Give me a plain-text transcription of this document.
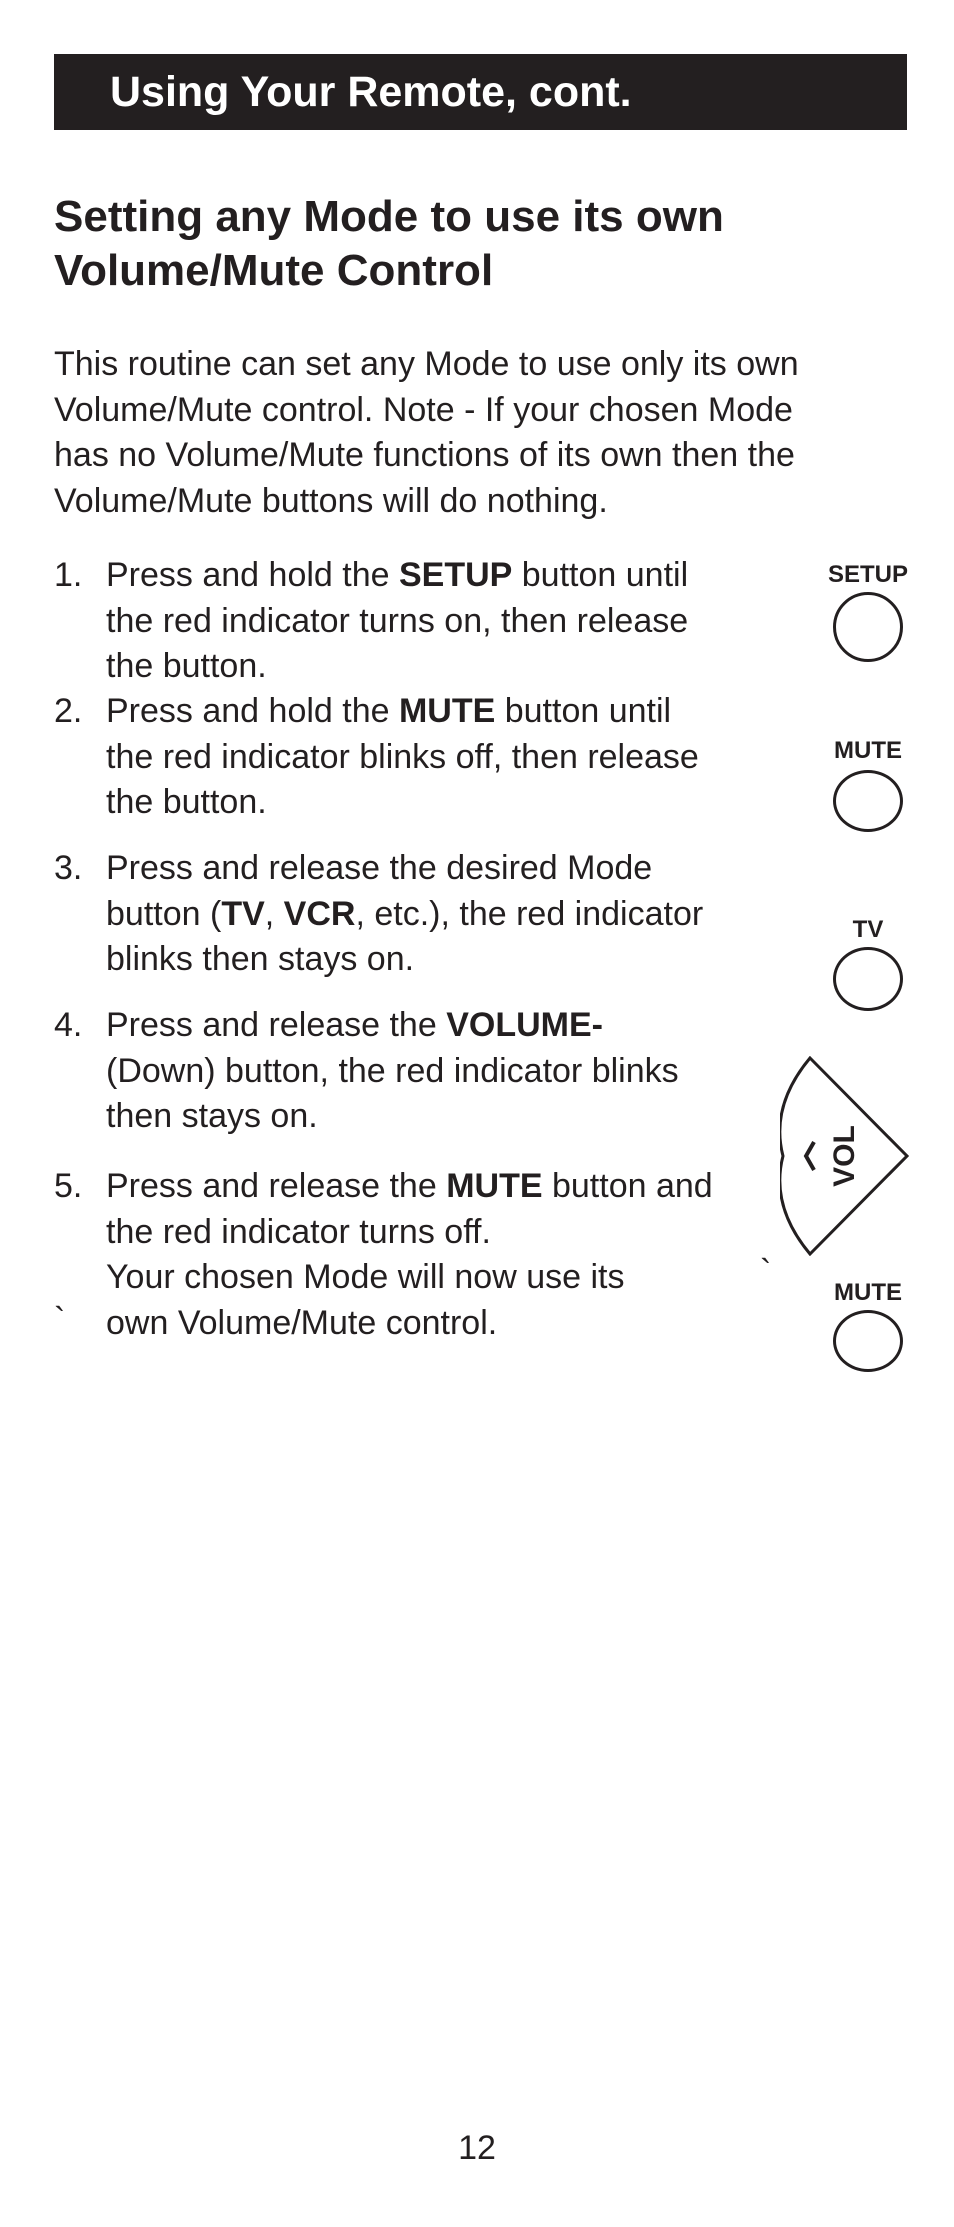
Using Your Remote, cont.
Setting any Mode to use its own
Volume/Mute Control

This routine can set any Mode to use only its own
Volume/Mute control. Note - If your chosen Mode
has no Volume/Mute functions of its own then the
Volume/Mute buttons will do nothing.

1. Press and hold the SETUP button until
the red indicator turns on, then release
the button.
2. Press and hold the MUTE button until
the red indicator blinks off, then release
the button.
3. Press and release the desired Mode
button (TV, VCR, etc.), the red indicator
blinks then stays on.
4. Press and release the VOLUME-
(Down) button, the red indicator blinks
then stays on.
5. Press and release the MUTE button and
the red indicator turns off.
Your chosen Mode will now use its
own Volume/Mute control.
`
`
SETUP
MUTE
TV
VOL
MUTE
12
